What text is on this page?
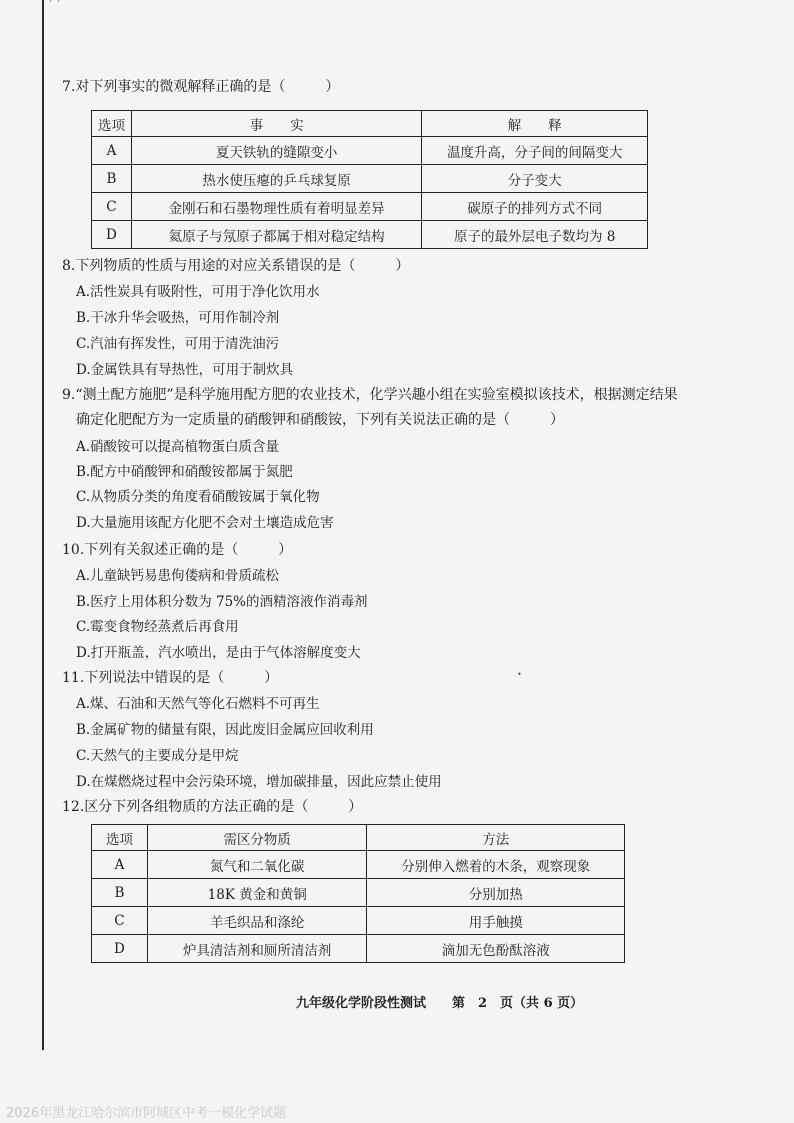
˙ ˙
7.对下列事实的微观解释正确的是（	）
选项	事　　实	解　　释
A	夏天铁轨的缝隙变小	温度升高，分子间的间隔变大
B	热水使压瘪的乒乓球复原	分子变大
C	金刚石和石墨物理性质有着明显差异	碳原子的排列方式不同
D	氦原子与氖原子都属于相对稳定结构	原子的最外层电子数均为 8
8.下列物质的性质与用途的对应关系错误的是（	）
A.活性炭具有吸附性，可用于净化饮用水
B.干冰升华会吸热，可用作制冷剂
C.汽油有挥发性，可用于清洗油污
D.金属铁具有导热性，可用于制炊具
9.“测土配方施肥”是科学施用配方肥的农业技术，化学兴趣小组在实验室模拟该技术，根据测定结果
确定化肥配方为一定质量的硝酸钾和硝酸铵，下列有关说法正确的是（	）
A.硝酸铵可以提高植物蛋白质含量
B.配方中硝酸钾和硝酸铵都属于氮肥
C.从物质分类的角度看硝酸铵属于氧化物
D.大量施用该配方化肥不会对土壤造成危害
10.下列有关叙述正确的是（	）
A.儿童缺钙易患佝偻病和骨质疏松
B.医疗上用体积分数为 75%的酒精溶液作消毒剂
C.霉变食物经蒸煮后再食用
D.打开瓶盖，汽水喷出，是由于气体溶解度变大
•
11.下列说法中错误的是（	）
A.煤、石油和天然气等化石燃料不可再生
B.金属矿物的储量有限，因此废旧金属应回收利用
C.天然气的主要成分是甲烷
D.在煤燃烧过程中会污染环境，增加碳排量，因此应禁止使用
12.区分下列各组物质的方法正确的是（	）
选项	需区分物质	方法
A	氮气和二氧化碳	分别伸入燃着的木条，观察现象
B	18K 黄金和黄铜	分别加热
C	羊毛织品和涤纶	用手触摸
D	炉具清洁剂和厕所清洁剂	滴加无色酚酞溶液
九年级化学阶段性测试　　第　2　页（共 6 页）
2026年黑龙江哈尔滨市阿城区中考一模化学试题
